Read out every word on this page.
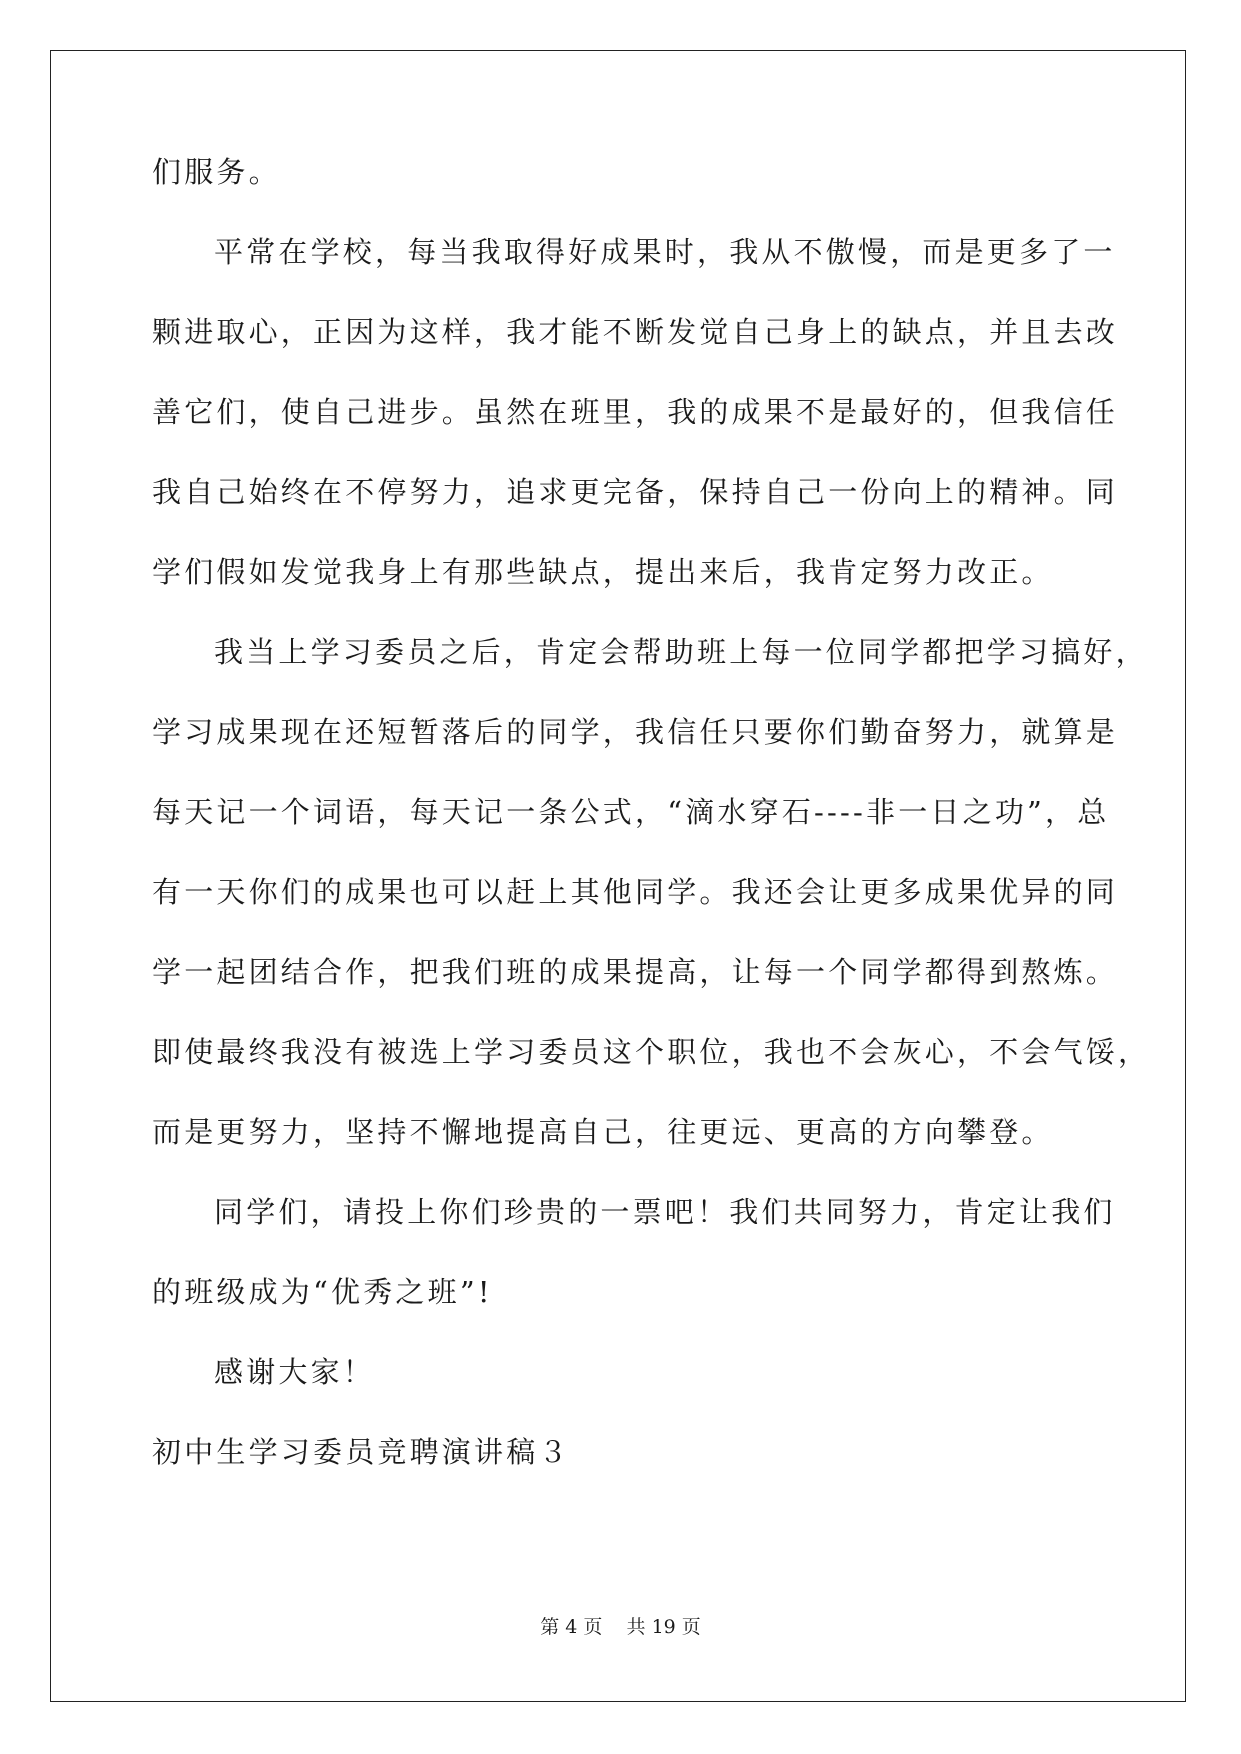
们服务。
平常在学校，每当我取得好成果时，我从不傲慢，而是更多了一
颗进取心，正因为这样，我才能不断发觉自己身上的缺点，并且去改
善它们，使自己进步。虽然在班里，我的成果不是最好的，但我信任
我自己始终在不停努力，追求更完备，保持自己一份向上的精神。同
学们假如发觉我身上有那些缺点，提出来后，我肯定努力改正。
我当上学习委员之后，肯定会帮助班上每一位同学都把学习搞好，
学习成果现在还短暂落后的同学，我信任只要你们勤奋努力，就算是
每天记一个词语，每天记一条公式，“滴水穿石----非一日之功”，总
有一天你们的成果也可以赶上其他同学。我还会让更多成果优异的同
学一起团结合作，把我们班的成果提高，让每一个同学都得到熬炼。
即使最终我没有被选上学习委员这个职位，我也不会灰心，不会气馁，
而是更努力，坚持不懈地提高自己，往更远、更高的方向攀登。
同学们，请投上你们珍贵的一票吧！我们共同努力，肯定让我们
的班级成为“优秀之班”!
感谢大家！
初中生学习委员竞聘演讲稿３
第 4 页    共 19 页
